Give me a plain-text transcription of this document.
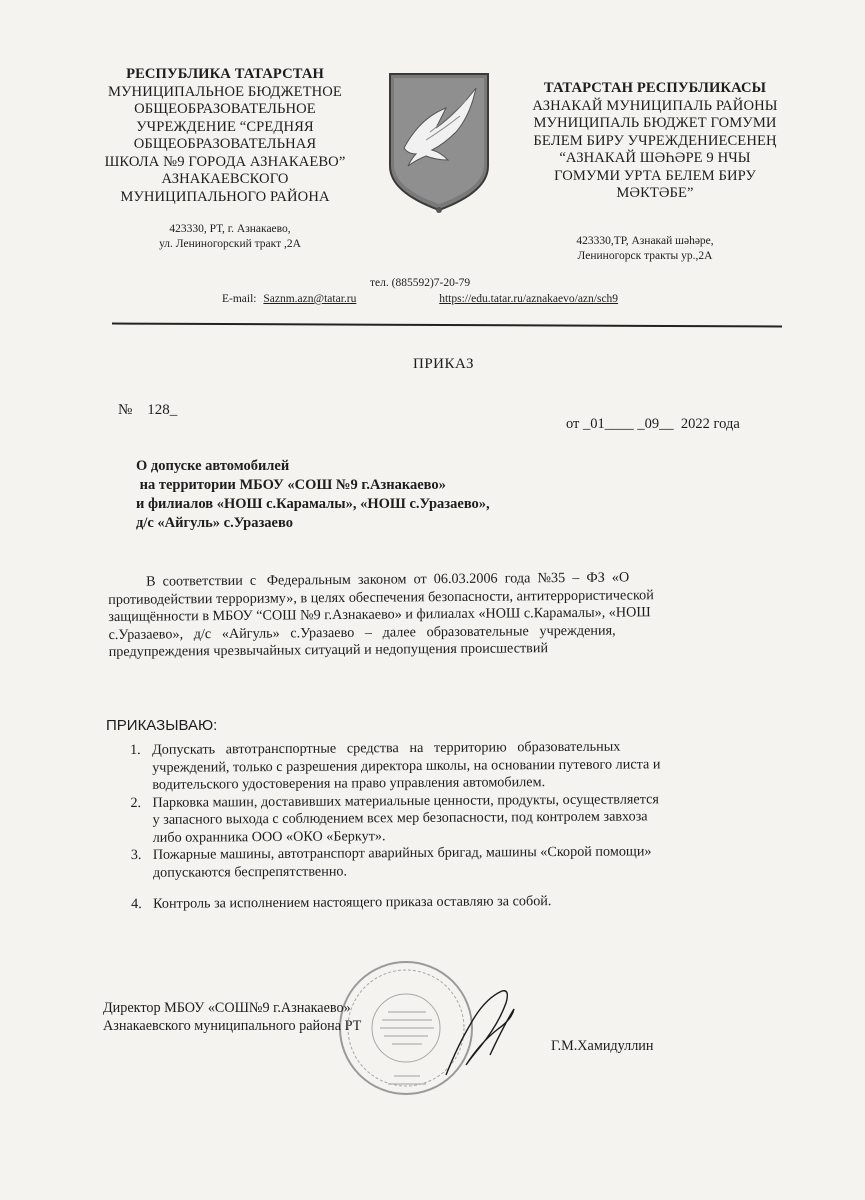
РЕСПУБЛИКА ТАТАРСТАН
МУНИЦИПАЛЬНОЕ БЮДЖЕТНОЕ
ОБЩЕОБРАЗОВАТЕЛЬНОЕ
УЧРЕЖДЕНИЕ “СРЕДНЯЯ
ОБЩЕОБРАЗОВАТЕЛЬНАЯ
ШКОЛА №9 ГОРОДА АЗНАКАЕВО”
АЗНАКАЕВСКОГО
МУНИЦИПАЛЬНОГО РАЙОНА
423330, РТ, г. Азнакаево,
ул. Лениногорский тракт ,2А
ТАТАРСТАН РЕСПУБЛИКАСЫ
АЗНАКАЙ МУНИЦИПАЛЬ РАЙОНЫ
МУНИЦИПАЛЬ БЮДЖЕТ ГОМУМИ
БЕЛЕМ БИРУ УЧРЕЖДЕНИЕСЕНЕҢ
“АЗНАКАЙ ШӘҺӘРЕ 9 НЧЫ
ГОМУМИ УРТА БЕЛЕМ БИРУ
МӘКТӘБЕ”
423330,ТР, Азнакай шәһәре,
Лениногорск тракты ур.,2А
тел. (885592)7-20-79
E-mail: Saznm.azn@tatar.ru	https://edu.tatar.ru/aznakaevo/azn/sch9
ПРИКАЗ
№    128_
от _01____ _09__  2022 года
О допуске автомобилей
на территории МБОУ «СОШ №9 г.Азнакаево»
и филиалов «НОШ с.Карамалы», «НОШ с.Уразаево»,
д/с «Айгуль» с.Уразаево
В  соответствии  с   Федеральным  законом  от  06.03.2006  года  №35  –  ФЗ  «О
противодействии терроризму», в целях обеспечения безопасности, антитеррористической
защищённости в МБОУ “СОШ №9 г.Азнакаево» и филиалах «НОШ с.Карамалы», «НОШ
с.Уразаево»,   д/с   «Айгуль»   с.Уразаево   –   далее   образовательные   учреждения,
предупреждения чрезвычайных ситуаций и недопущения происшествий
ПРИКАЗЫВАЮ:
1. Допускать   автотранспортные   средства   на   территорию   образовательных
учреждений, только с разрешения директора школы, на основании путевого листа и
водительского удостоверения на право управления автомобилем.
2. Парковка машин, доставивших материальные ценности, продукты, осуществляется
у запасного выхода с соблюдением всех мер безопасности, под контролем завхоза
либо охранника ООО «ОКО «Беркут».
3. Пожарные машины, автотранспорт аварийных бригад, машины «Скорой помощи»
допускаются беспрепятственно.
4. Контроль за исполнением настоящего приказа оставляю за собой.
Директор МБОУ «СОШ№9 г.Азнакаево»
Азнакаевского муниципального района РТ
Г.М.Хамидуллин
